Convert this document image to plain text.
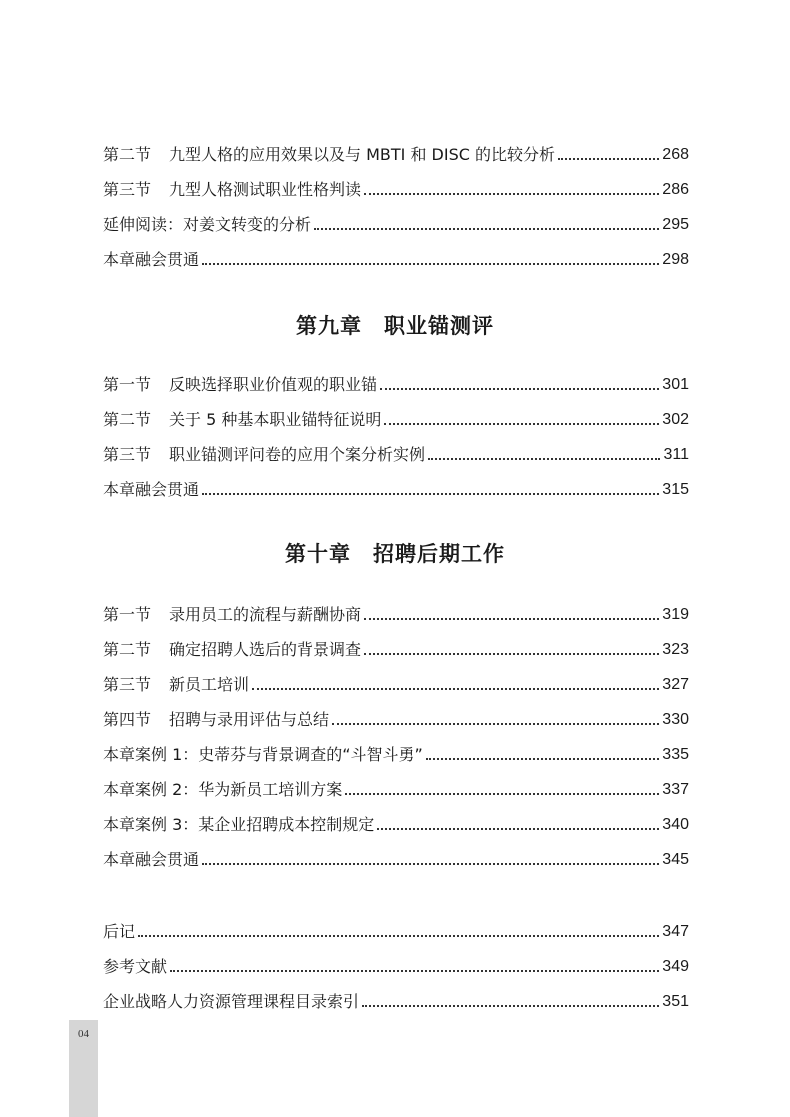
第二节 九型人格的应用效果以及与 MBTI 和 DISC 的比较分析	268
第三节 九型人格测试职业性格判读	286
延伸阅读：对姜文转变的分析	295
本章融会贯通	298
第九章 职业锚测评
第一节 反映选择职业价值观的职业锚	301
第二节 关于 5 种基本职业锚特征说明	302
第三节 职业锚测评问卷的应用个案分析实例	311
本章融会贯通	315
第十章 招聘后期工作
第一节 录用员工的流程与薪酬协商	319
第二节 确定招聘人选后的背景调查	323
第三节 新员工培训	327
第四节 招聘与录用评估与总结	330
本章案例 1：史蒂芬与背景调查的“斗智斗勇”	335
本章案例 2：华为新员工培训方案	337
本章案例 3：某企业招聘成本控制规定	340
本章融会贯通	345
后记	347
参考文献	349
企业战略人力资源管理课程目录索引	351
04
